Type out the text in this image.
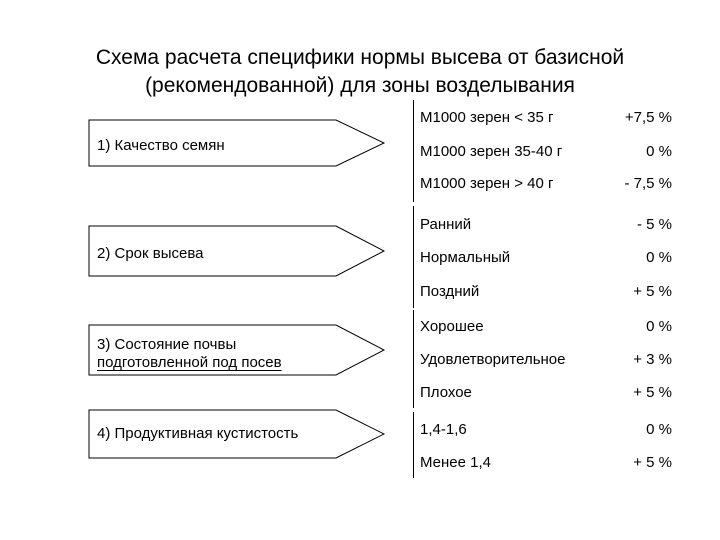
Схема расчета специфики нормы высева от базисной
(рекомендованной) для зоны возделывания
1) Качество семян
2) Срок высева
3) Состояние почвы
подготовленной под посев
4) Продуктивная кустистость
М1000 зерен < 35 г	+7,5 %
М1000 зерен 35-40 г	0 %
М1000 зерен > 40 г	- 7,5 %
Ранний	- 5 %
Нормальный	0 %
Поздний	+ 5 %
Хорошее	0 %
Удовлетворительное	+ 3 %
Плохое	+ 5 %
1,4-1,6	0 %
Менее 1,4	+ 5 %
